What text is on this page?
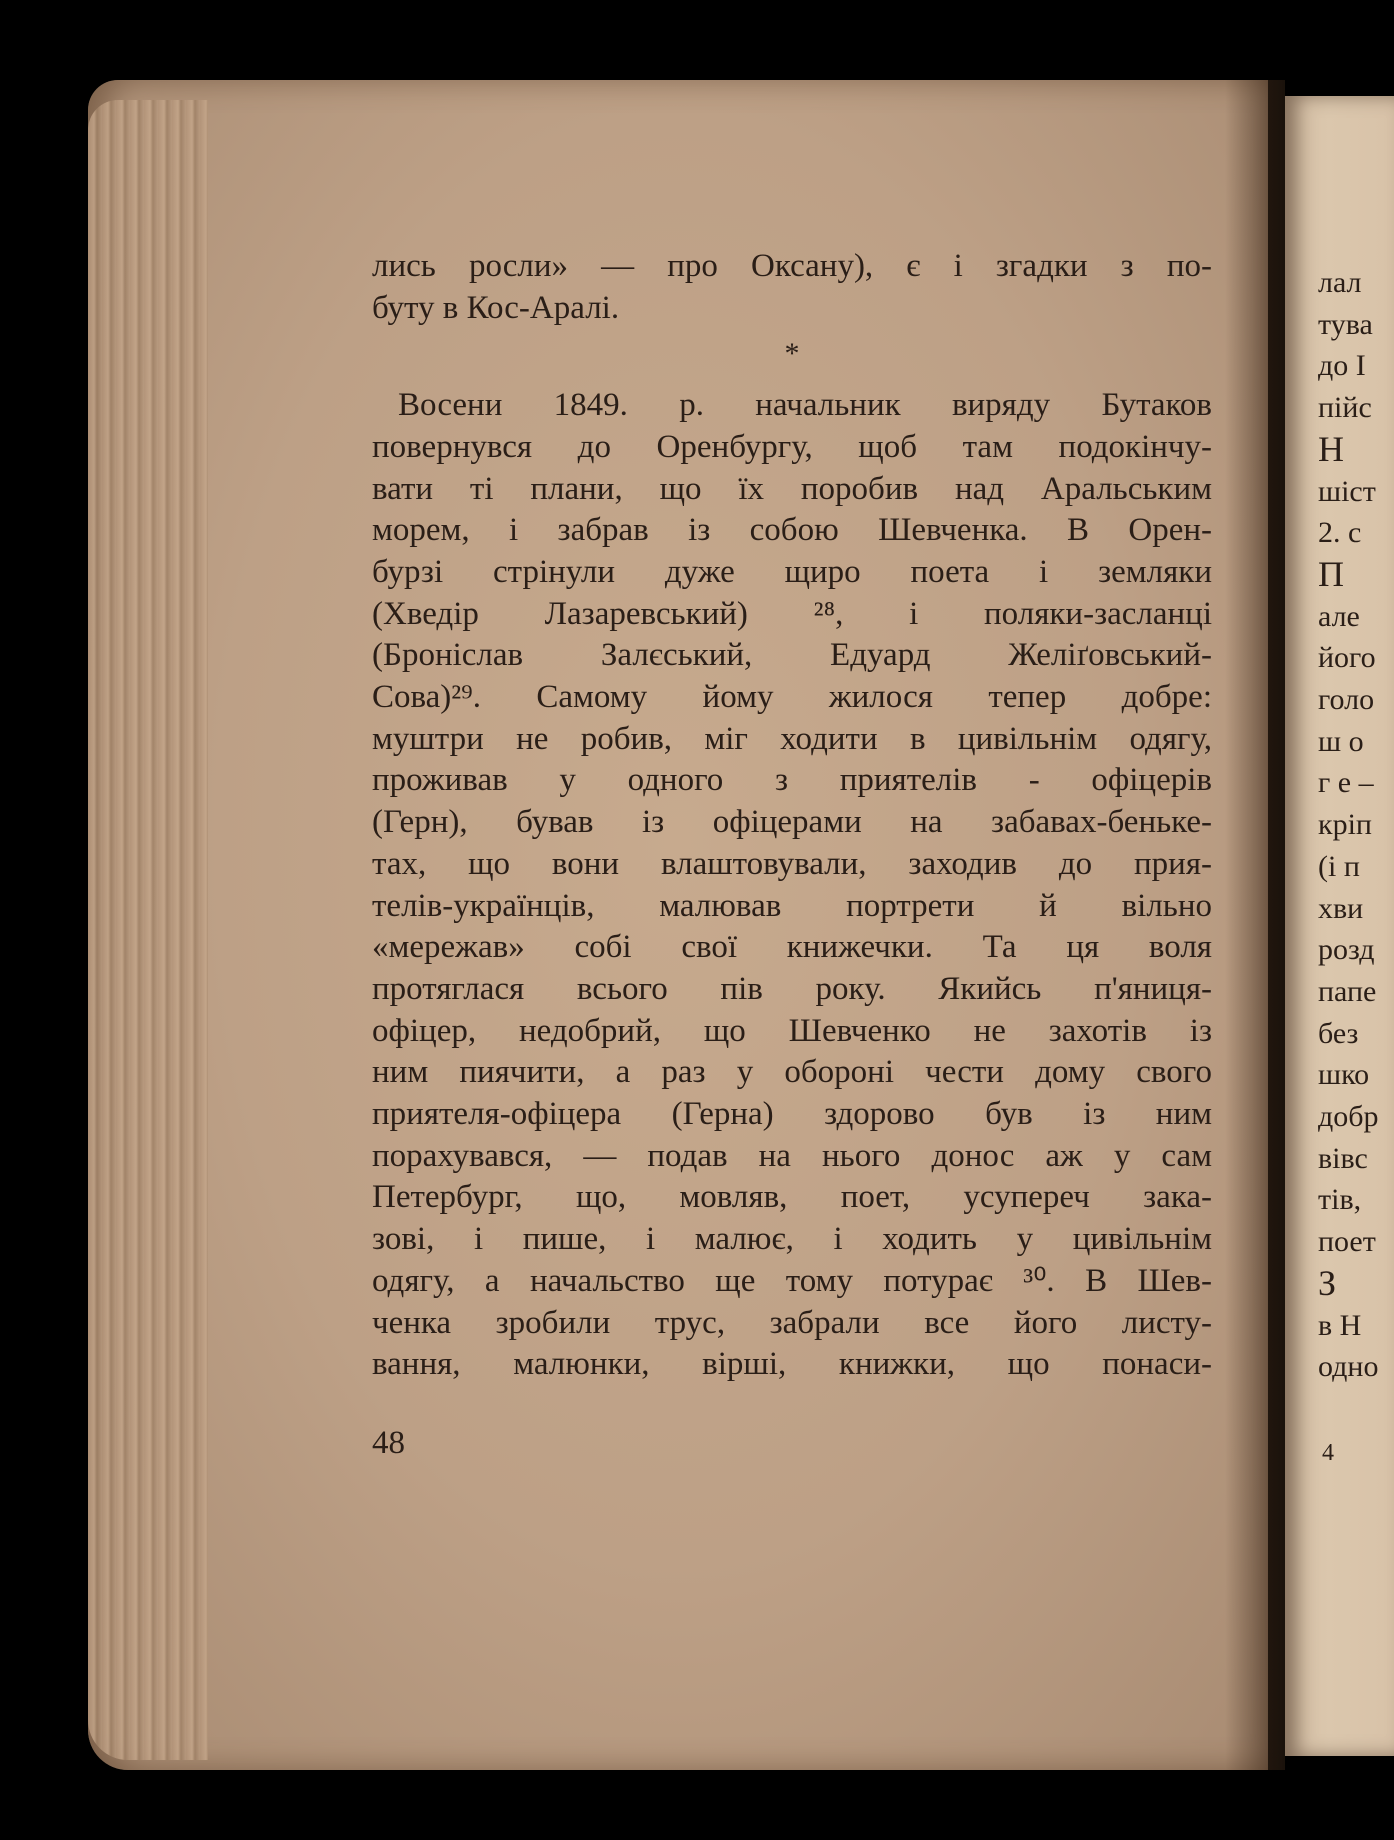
лись росли» — про Оксану), є і згадки з по-
буту в Кос-Аралі.
*
Восени 1849. р. начальник виряду Бутаков
повернувся до Оренбургу, щоб там подокінчу-
вати ті плани, що їх поробив над Аральським
морем, і забрав із собою Шевченка. В Орен-
бурзі стрінули дуже щиро поета і земляки
(Хведір Лазаревський) ²⁸, і поляки-засланці
(Броніслав Залєський, Едуард Желіґовський-
Сова)²⁹. Самому йому жилося тепер добре:
муштри не робив, міг ходити в цивільнім одягу,
проживав у одного з приятелів - офіцерів
(Герн), бував із офіцерами на забавах-беньке-
тах, що вони влаштовували, заходив до прия-
телів-українців, малював портрети й вільно
«мережав» собі свої книжечки. Та ця воля
протяглася всього пів року. Якийсь п'яниця-
офіцер, недобрий, що Шевченко не захотів із
ним пиячити, а раз у обороні чести дому свого
приятеля-офіцера (Герна) здорово був із ним
порахувався, — подав на нього донос аж у сам
Петербург, що, мовляв, поет, усупереч зака-
зові, і пише, і малює, і ходить у цивільнім
одягу, а начальство ще тому потурає ³⁰. В Шев-
ченка зробили трус, забрали все його листу-
вання, малюнки, вірші, книжки, що понаси-
48
лал
тува
до І
пійс
Н
шіст
2. с
П
але
його
голо
ш о
г е –
кріп
(і п
хви
розд
папе
без
шко
добр
вівс
тів,
поет
З
в Н
одно
4
